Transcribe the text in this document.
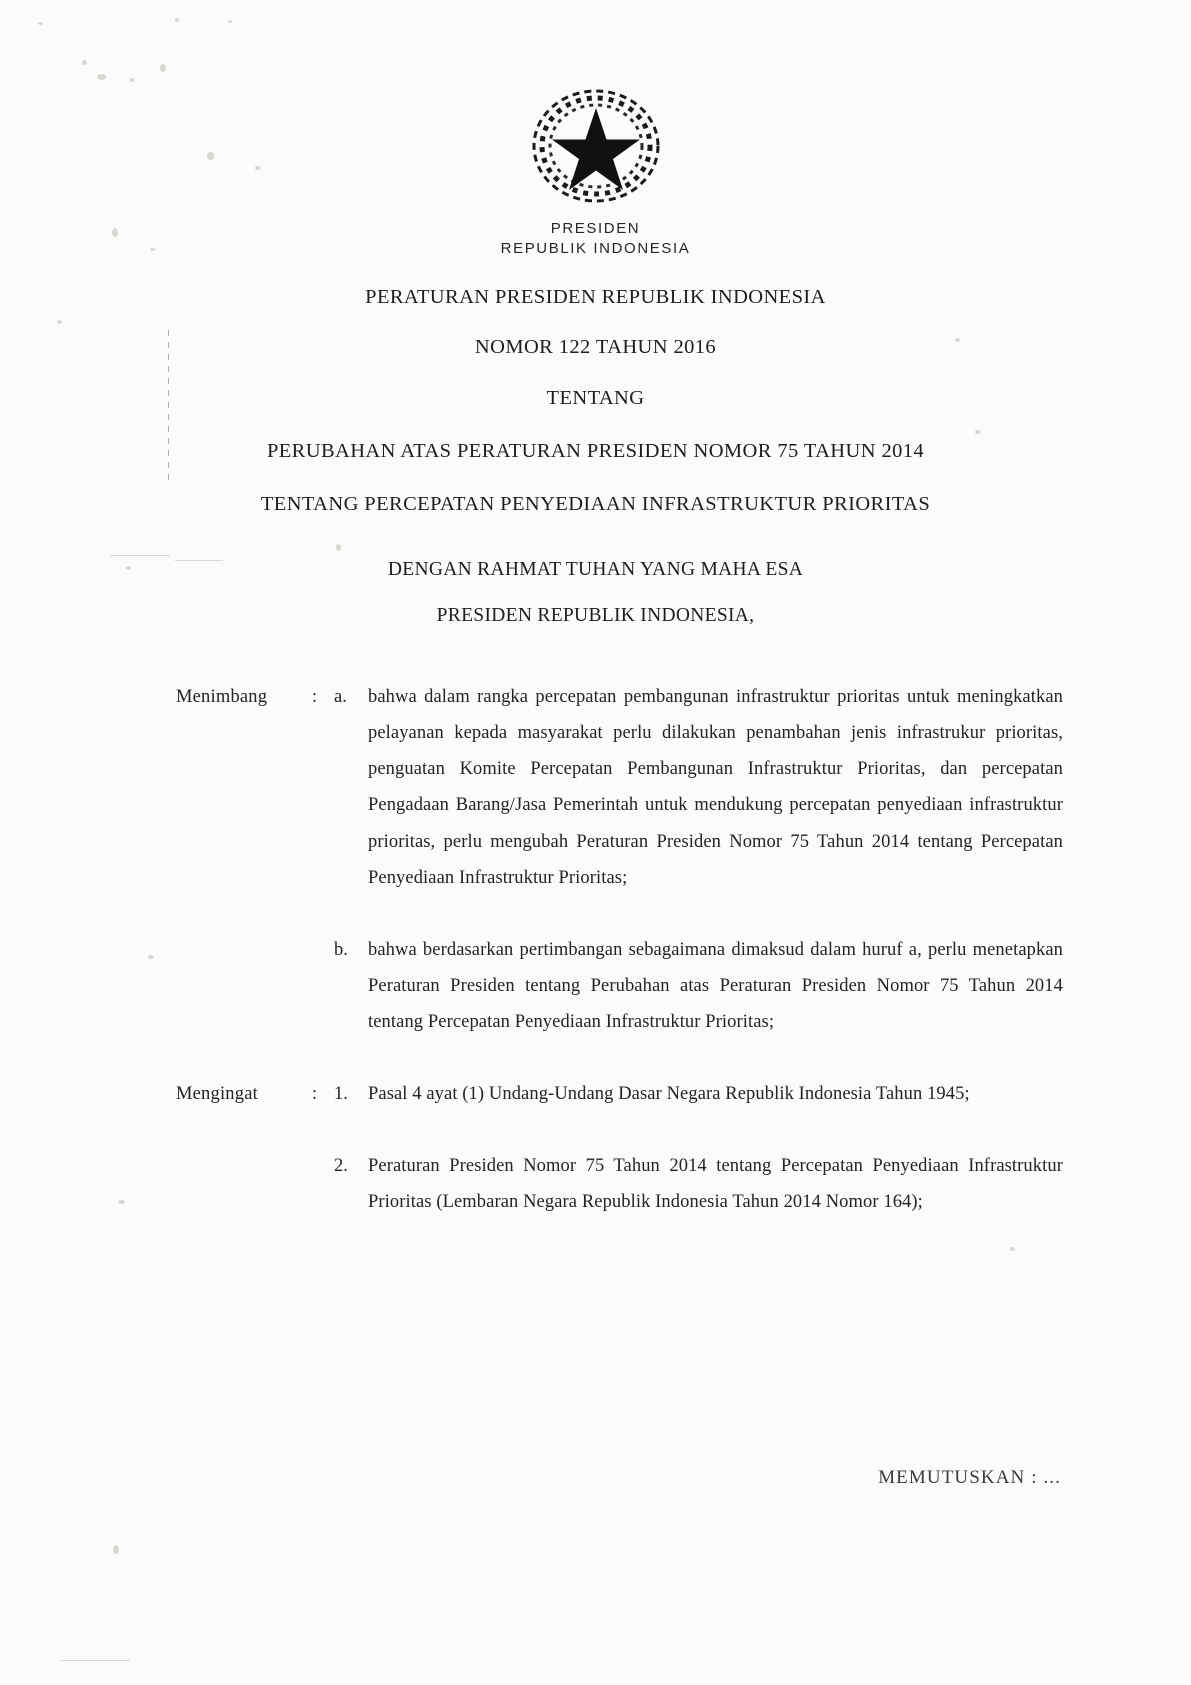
PRESIDEN
REPUBLIK INDONESIA
PERATURAN PRESIDEN REPUBLIK INDONESIA
NOMOR 122 TAHUN 2016
TENTANG
PERUBAHAN ATAS PERATURAN PRESIDEN NOMOR 75 TAHUN 2014
TENTANG PERCEPATAN PENYEDIAAN INFRASTRUKTUR PRIORITAS
DENGAN RAHMAT TUHAN YANG MAHA ESA
PRESIDEN REPUBLIK INDONESIA,
Menimbang	: a.	bahwa dalam rangka percepatan pembangunan infrastruktur prioritas untuk meningkatkan pelayanan kepada masyarakat perlu dilakukan penambahan jenis infrastrukur prioritas, penguatan Komite Percepatan Pembangunan Infrastruktur Prioritas, dan percepatan Pengadaan Barang/Jasa Pemerintah untuk mendukung percepatan penyediaan infrastruktur prioritas, perlu mengubah Peraturan Presiden Nomor 75 Tahun 2014 tentang Percepatan Penyediaan Infrastruktur Prioritas;
b.	bahwa berdasarkan pertimbangan sebagaimana dimaksud dalam huruf a, perlu menetapkan Peraturan Presiden tentang Perubahan atas Peraturan Presiden Nomor 75 Tahun 2014 tentang Percepatan Penyediaan Infrastruktur Prioritas;
Mengingat	: 1.	Pasal 4 ayat (1) Undang-Undang Dasar Negara Republik Indonesia Tahun 1945;
2.	Peraturan Presiden Nomor 75 Tahun 2014 tentang Percepatan Penyediaan Infrastruktur Prioritas (Lembaran Negara Republik Indonesia Tahun 2014 Nomor 164);
MEMUTUSKAN : ...
